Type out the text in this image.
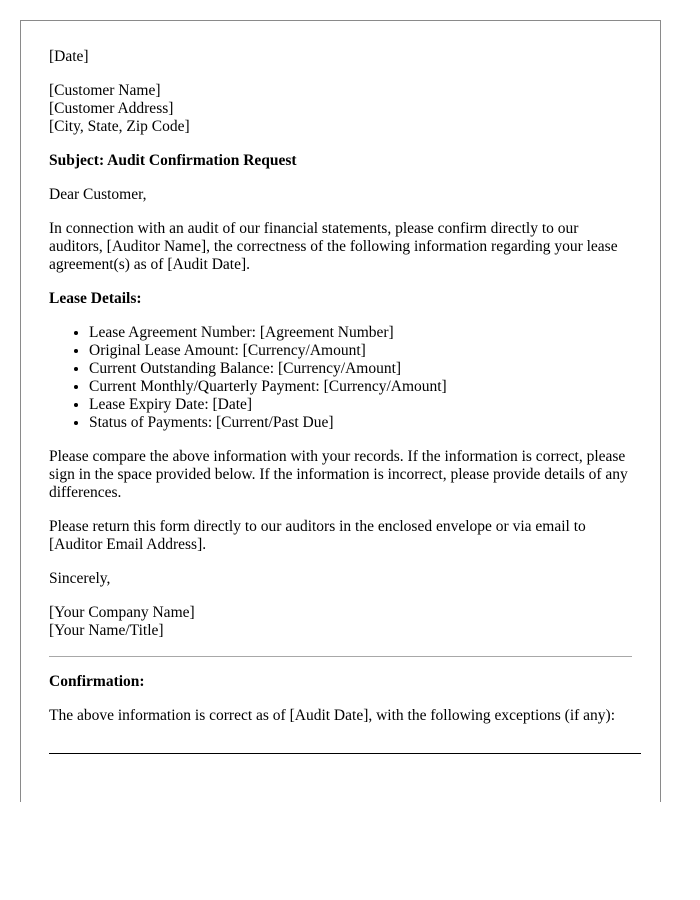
[Date]

[Customer Name]
[Customer Address]
[City, State, Zip Code]

Subject: Audit Confirmation Request

Dear Customer,

In connection with an audit of our financial statements, please confirm directly to our auditors, [Auditor Name], the correctness of the following information regarding your lease agreement(s) as of [Audit Date].

Lease Details:

• Lease Agreement Number: [Agreement Number]
• Original Lease Amount: [Currency/Amount]
• Current Outstanding Balance: [Currency/Amount]
• Current Monthly/Quarterly Payment: [Currency/Amount]
• Lease Expiry Date: [Date]
• Status of Payments: [Current/Past Due]

Please compare the above information with your records. If the information is correct, please sign in the space provided below. If the information is incorrect, please provide details of any differences.

Please return this form directly to our auditors in the enclosed envelope or via email to [Auditor Email Address].

Sincerely,

[Your Company Name]
[Your Name/Title]

Confirmation:

The above information is correct as of [Audit Date], with the following exceptions (if any):
